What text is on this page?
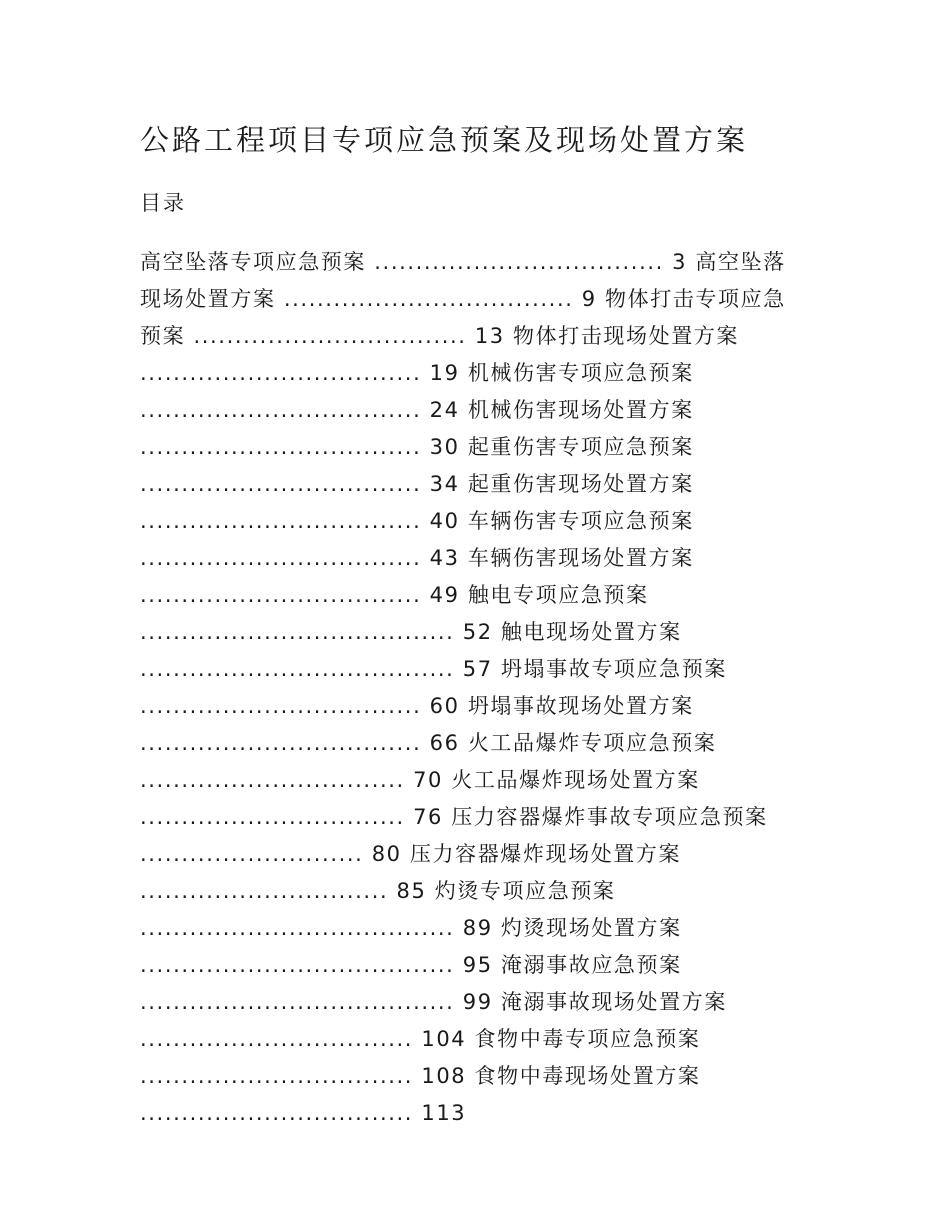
公路工程项目专项应急预案及现场处置方案
目录
高空坠落专项应急预案 ................................... 3 高空坠落
现场处置方案 ................................... 9 物体打击专项应急
预案 ................................. 13 物体打击现场处置方案
.................................. 19 机械伤害专项应急预案
.................................. 24 机械伤害现场处置方案
.................................. 30 起重伤害专项应急预案
.................................. 34 起重伤害现场处置方案
.................................. 40 车辆伤害专项应急预案
.................................. 43 车辆伤害现场处置方案
.................................. 49 触电专项应急预案
...................................... 52 触电现场处置方案
...................................... 57 坍塌事故专项应急预案
.................................. 60 坍塌事故现场处置方案
.................................. 66 火工品爆炸专项应急预案
................................ 70 火工品爆炸现场处置方案
................................ 76 压力容器爆炸事故专项应急预案
........................... 80 压力容器爆炸现场处置方案
.............................. 85 灼烫专项应急预案
...................................... 89 灼烫现场处置方案
...................................... 95 淹溺事故应急预案
...................................... 99 淹溺事故现场处置方案
................................. 104 食物中毒专项应急预案
................................. 108 食物中毒现场处置方案
................................. 113
